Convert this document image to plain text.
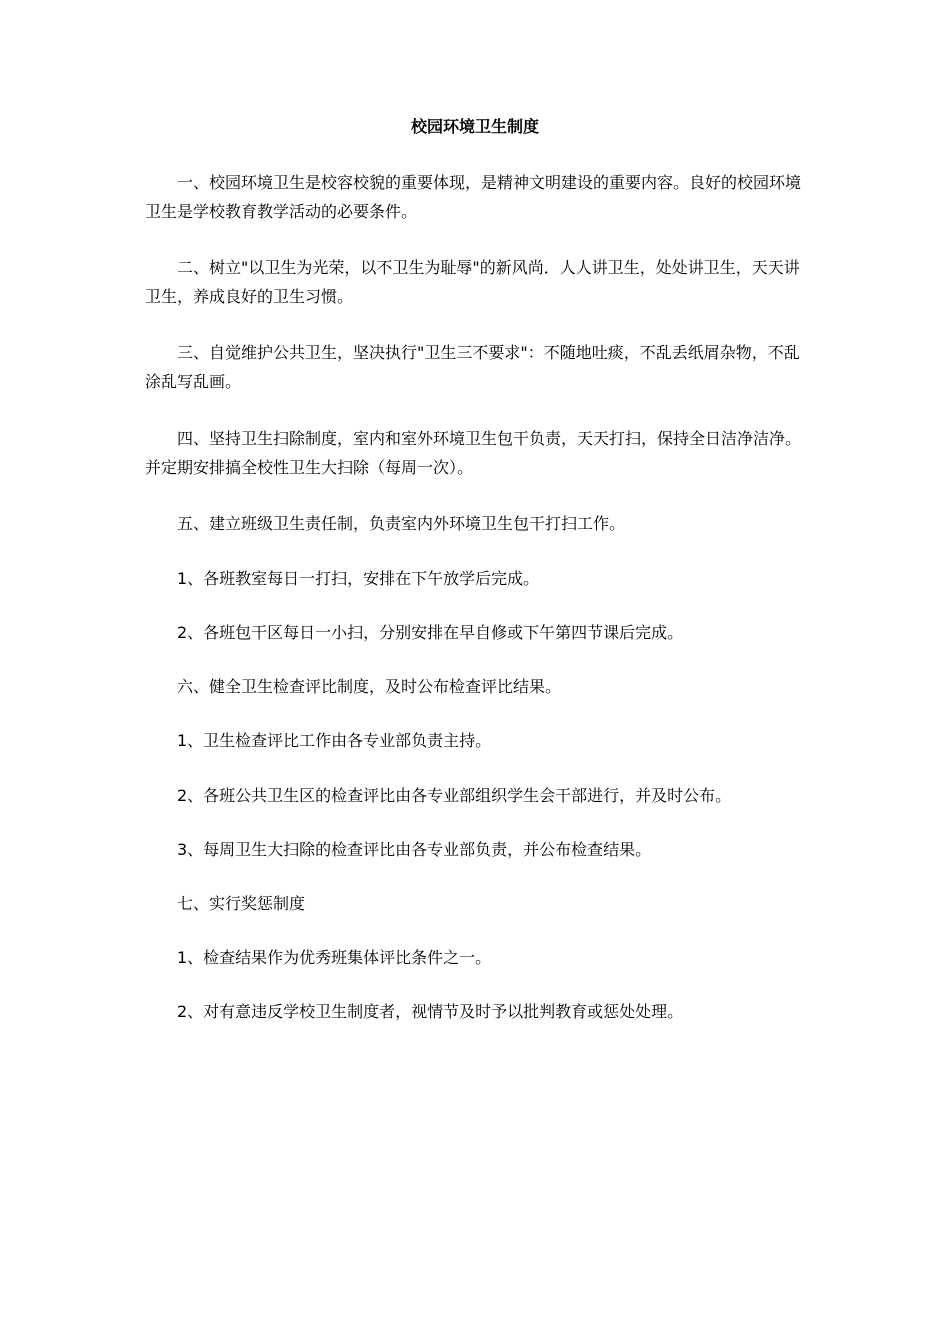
校园环境卫生制度

一、校园环境卫生是校容校貌的重要体现，是精神文明建设的重要内容。良好的校园环境卫生是学校教育教学活动的必要条件。

二、树立"以卫生为光荣，以不卫生为耻辱"的新风尚．人人讲卫生，处处讲卫生，天天讲卫生，养成良好的卫生习惯。

三、自觉维护公共卫生，坚决执行"卫生三不要求"：不随地吐痰，不乱丢纸屑杂物，不乱涂乱写乱画。

四、坚持卫生扫除制度，室内和室外环境卫生包干负责，天天打扫，保持全日洁净洁净。并定期安排搞全校性卫生大扫除（每周一次）。

五、建立班级卫生责任制，负责室内外环境卫生包干打扫工作。

1、各班教室每日一打扫，安排在下午放学后完成。

2、各班包干区每日一小扫，分别安排在早自修或下午第四节课后完成。

六、健全卫生检查评比制度，及时公布检查评比结果。

1、卫生检查评比工作由各专业部负责主持。

2、各班公共卫生区的检查评比由各专业部组织学生会干部进行，并及时公布。

3、每周卫生大扫除的检查评比由各专业部负责，并公布检查结果。

七、实行奖惩制度

1、检查结果作为优秀班集体评比条件之一。

2、对有意违反学校卫生制度者，视情节及时予以批判教育或惩处处理。
